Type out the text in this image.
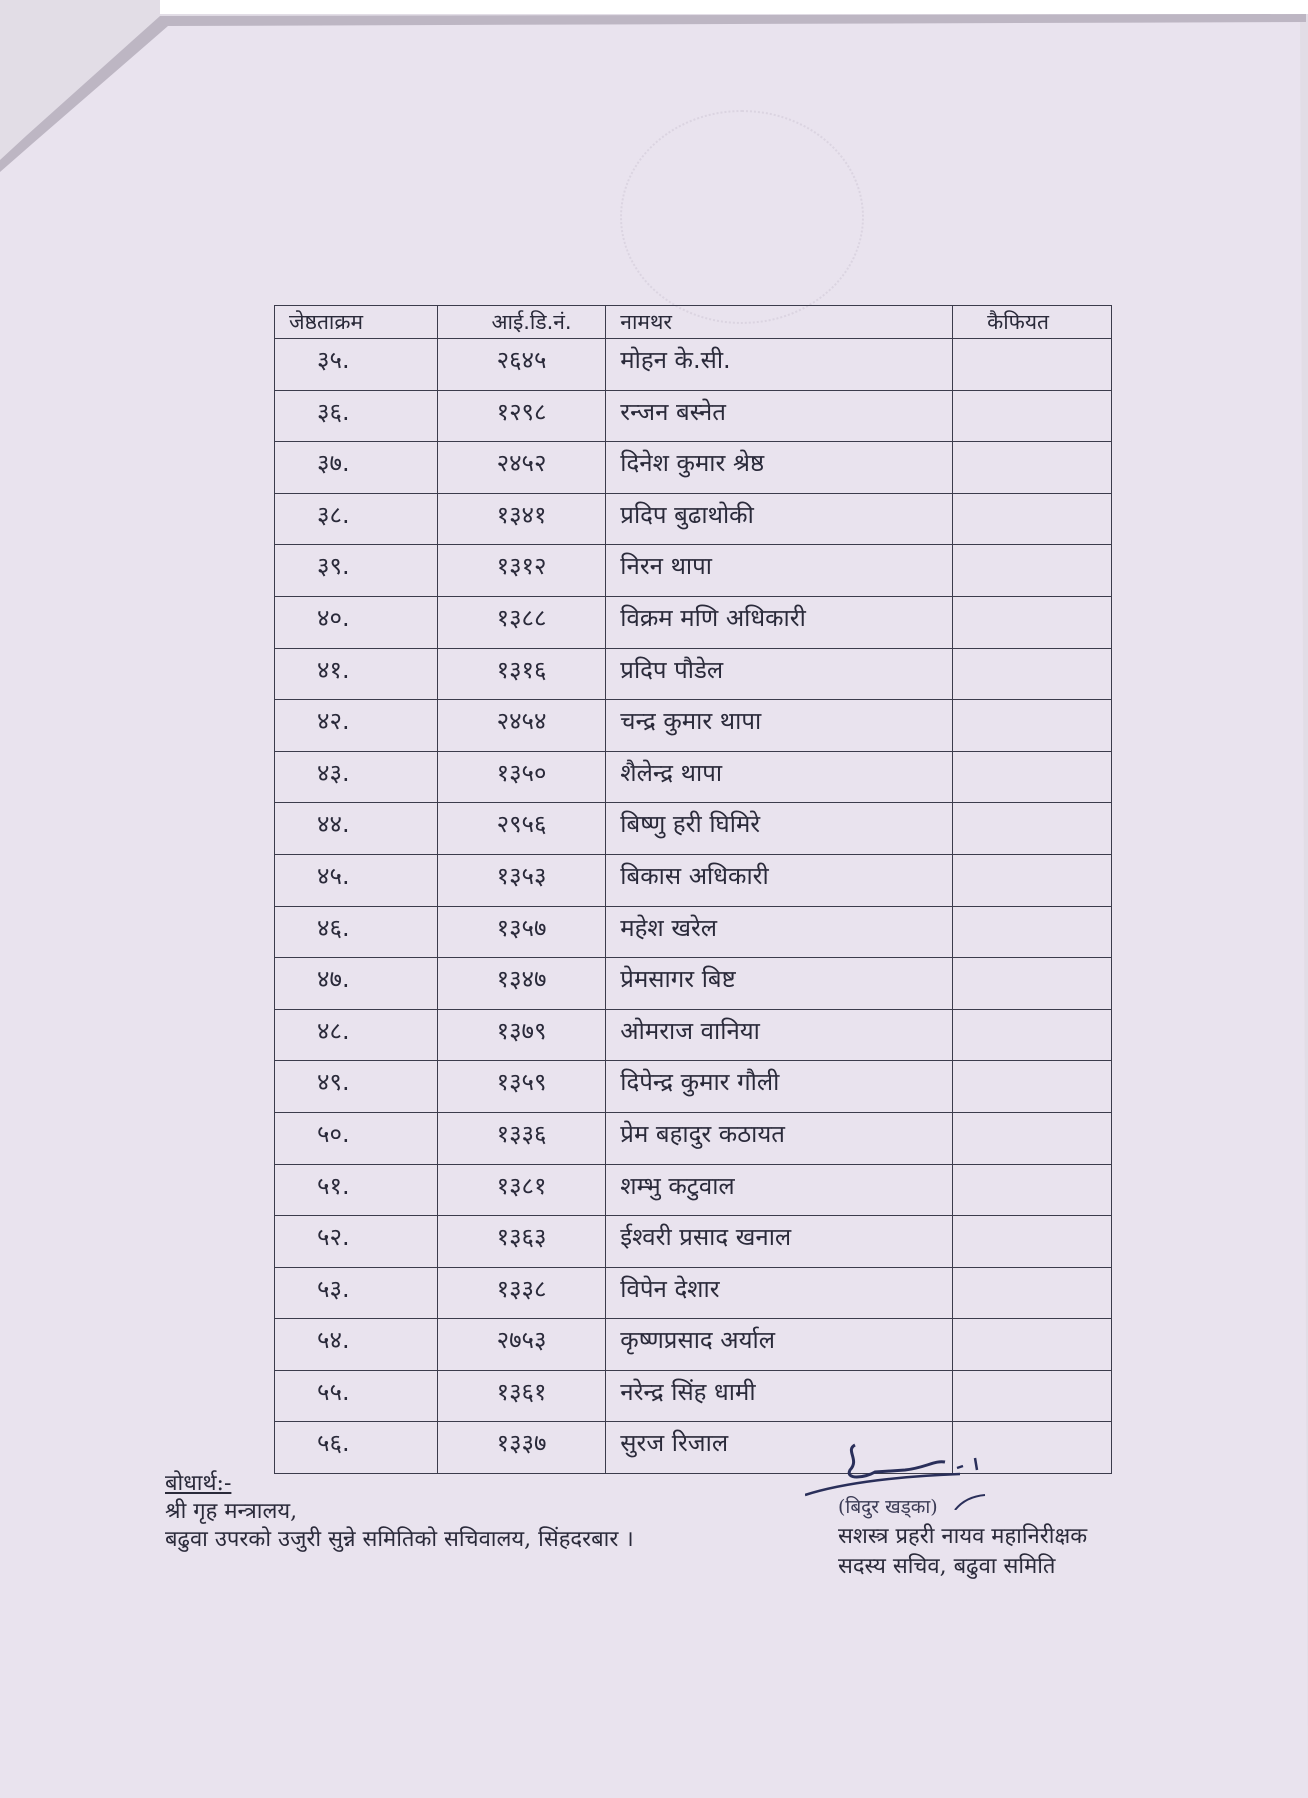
जेष्ठताक्रम	आई.डि.नं.	नामथर	कैफियत
३५.	२६४५	मोहन के.सी.	
३६.	१२९८	रन्जन बस्नेत	
३७.	२४५२	दिनेश कुमार श्रेष्ठ	
३८.	१३४१	प्रदिप बुढाथोकी	
३९.	१३१२	निरन थापा	
४०.	१३८८	विक्रम मणि अधिकारी	
४१.	१३१६	प्रदिप पौडेल	
४२.	२४५४	चन्द्र कुमार थापा	
४३.	१३५०	शैलेन्द्र थापा	
४४.	२९५६	बिष्णु हरी घिमिरे	
४५.	१३५३	बिकास अधिकारी	
४६.	१३५७	महेश खरेल	
४७.	१३४७	प्रेमसागर बिष्ट	
४८.	१३७९	ओमराज वानिया	
४९.	१३५९	दिपेन्द्र कुमार गौली	
५०.	१३३६	प्रेम बहादुर कठायत	
५१.	१३८१	शम्भु कटुवाल	
५२.	१३६३	ईश्वरी प्रसाद खनाल	
५३.	१३३८	विपेन देशार	
५४.	२७५३	कृष्णप्रसाद अर्याल	
५५.	१३६१	नरेन्द्र सिंह धामी	
५६.	१३३७	सुरज रिजाल	
बोधार्थ:-
श्री गृह मन्त्रालय,
बढुवा उपरको उजुरी सुन्ने समितिको सचिवालय, सिंहदरबार ।
(बिदुर खड्का)
सशस्त्र प्रहरी नायव महानिरीक्षक
सदस्य सचिव, बढुवा समिति
